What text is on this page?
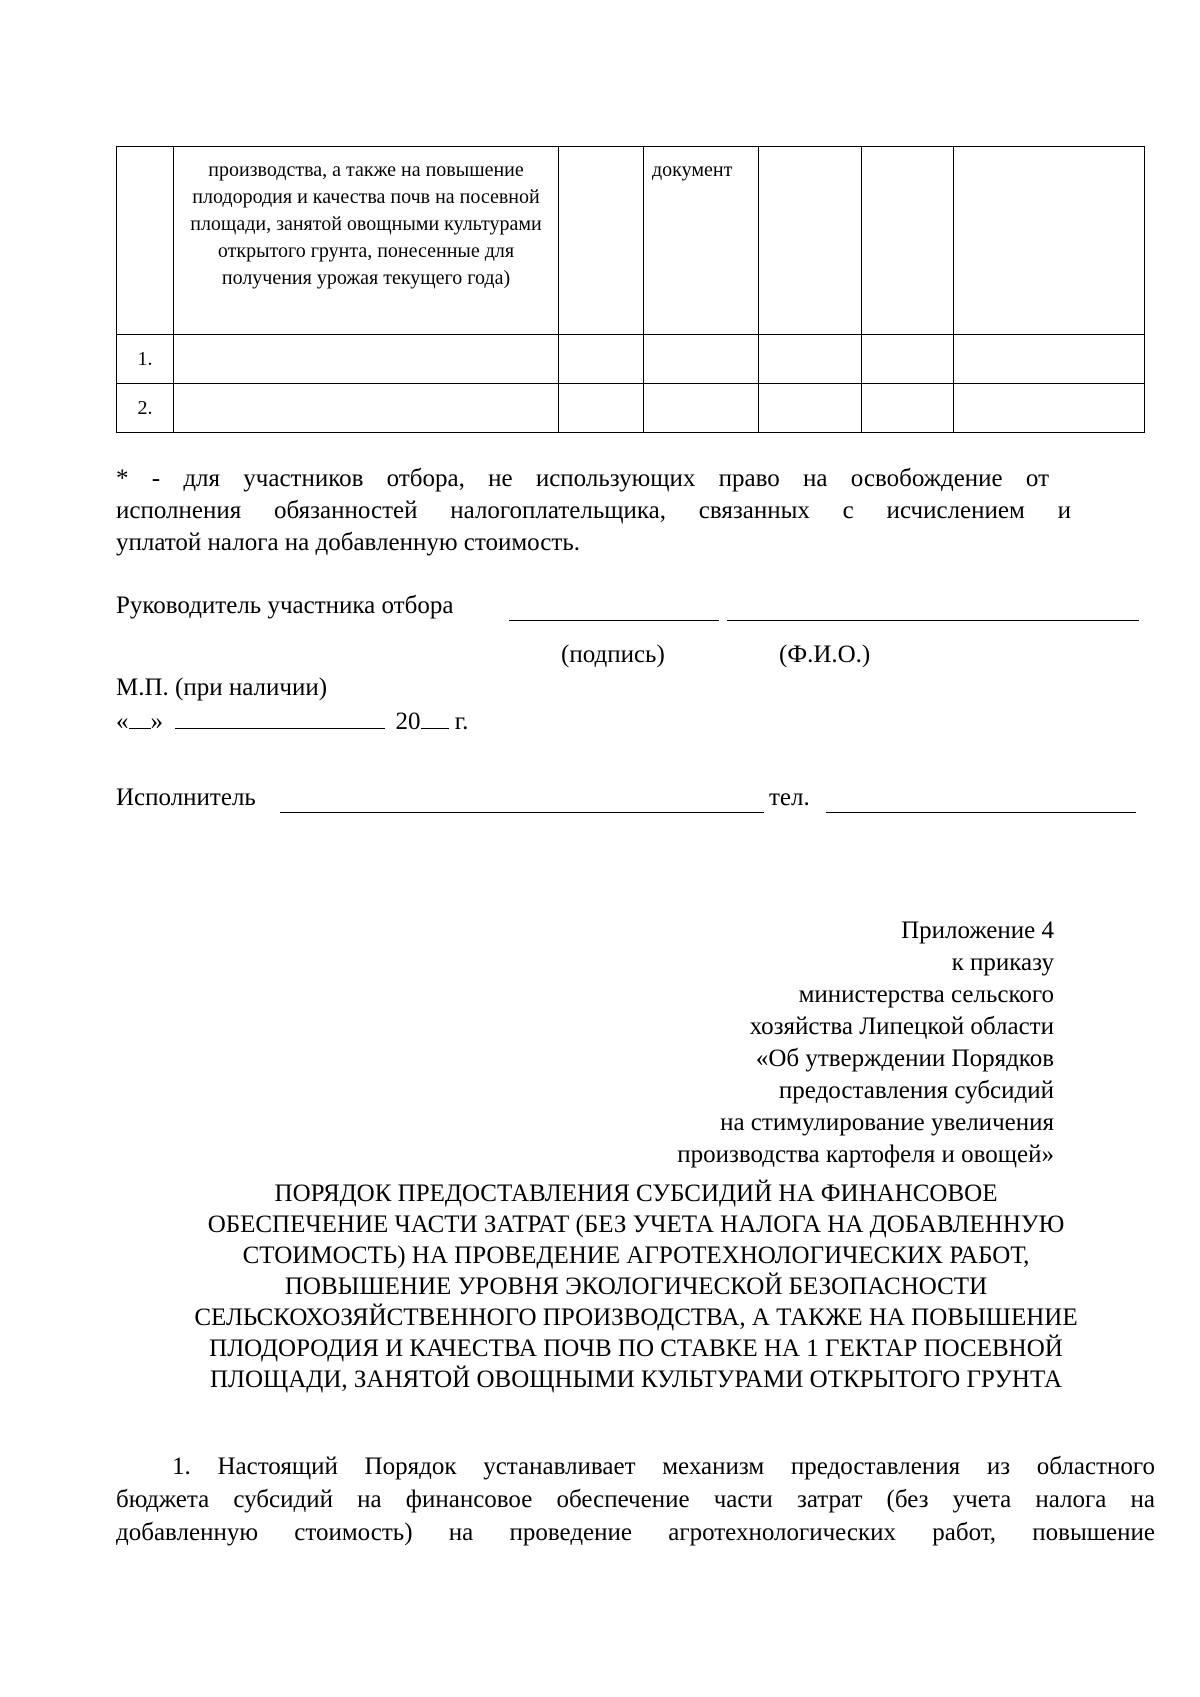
	производства, а также на повышение плодородия и качества почв на посевной площади, занятой овощными культурами открытого грунта, понесенные для получения урожая текущего года)		документ			
1.						
2.						
* - для участников отбора, не использующих право на освобождение от
исполнения обязанностей налогоплательщика, связанных с исчислением и
уплатой налога на добавленную стоимость.
Руководитель участника отбора
(подпись)	(Ф.И.О.)
М.П. (при наличии)
« »	20 г.
Исполнитель	тел.
Приложение 4
к приказу
министерства сельского
хозяйства Липецкой области
«Об утверждении Порядков
предоставления субсидий
на стимулирование увеличения
производства картофеля и овощей»
ПОРЯДОК ПРЕДОСТАВЛЕНИЯ СУБСИДИЙ НА ФИНАНСОВОЕ
ОБЕСПЕЧЕНИЕ ЧАСТИ ЗАТРАТ (БЕЗ УЧЕТА НАЛОГА НА ДОБАВЛЕННУЮ
СТОИМОСТЬ) НА ПРОВЕДЕНИЕ АГРОТЕХНОЛОГИЧЕСКИХ РАБОТ,
ПОВЫШЕНИЕ УРОВНЯ ЭКОЛОГИЧЕСКОЙ БЕЗОПАСНОСТИ
СЕЛЬСКОХОЗЯЙСТВЕННОГО ПРОИЗВОДСТВА, А ТАКЖЕ НА ПОВЫШЕНИЕ
ПЛОДОРОДИЯ И КАЧЕСТВА ПОЧВ ПО СТАВКЕ НА 1 ГЕКТАР ПОСЕВНОЙ
ПЛОЩАДИ, ЗАНЯТОЙ ОВОЩНЫМИ КУЛЬТУРАМИ ОТКРЫТОГО ГРУНТА
1. Настоящий Порядок устанавливает механизм предоставления из областного
бюджета субсидий на финансовое обеспечение части затрат (без учета налога на
добавленную стоимость) на проведение агротехнологических работ, повышение
